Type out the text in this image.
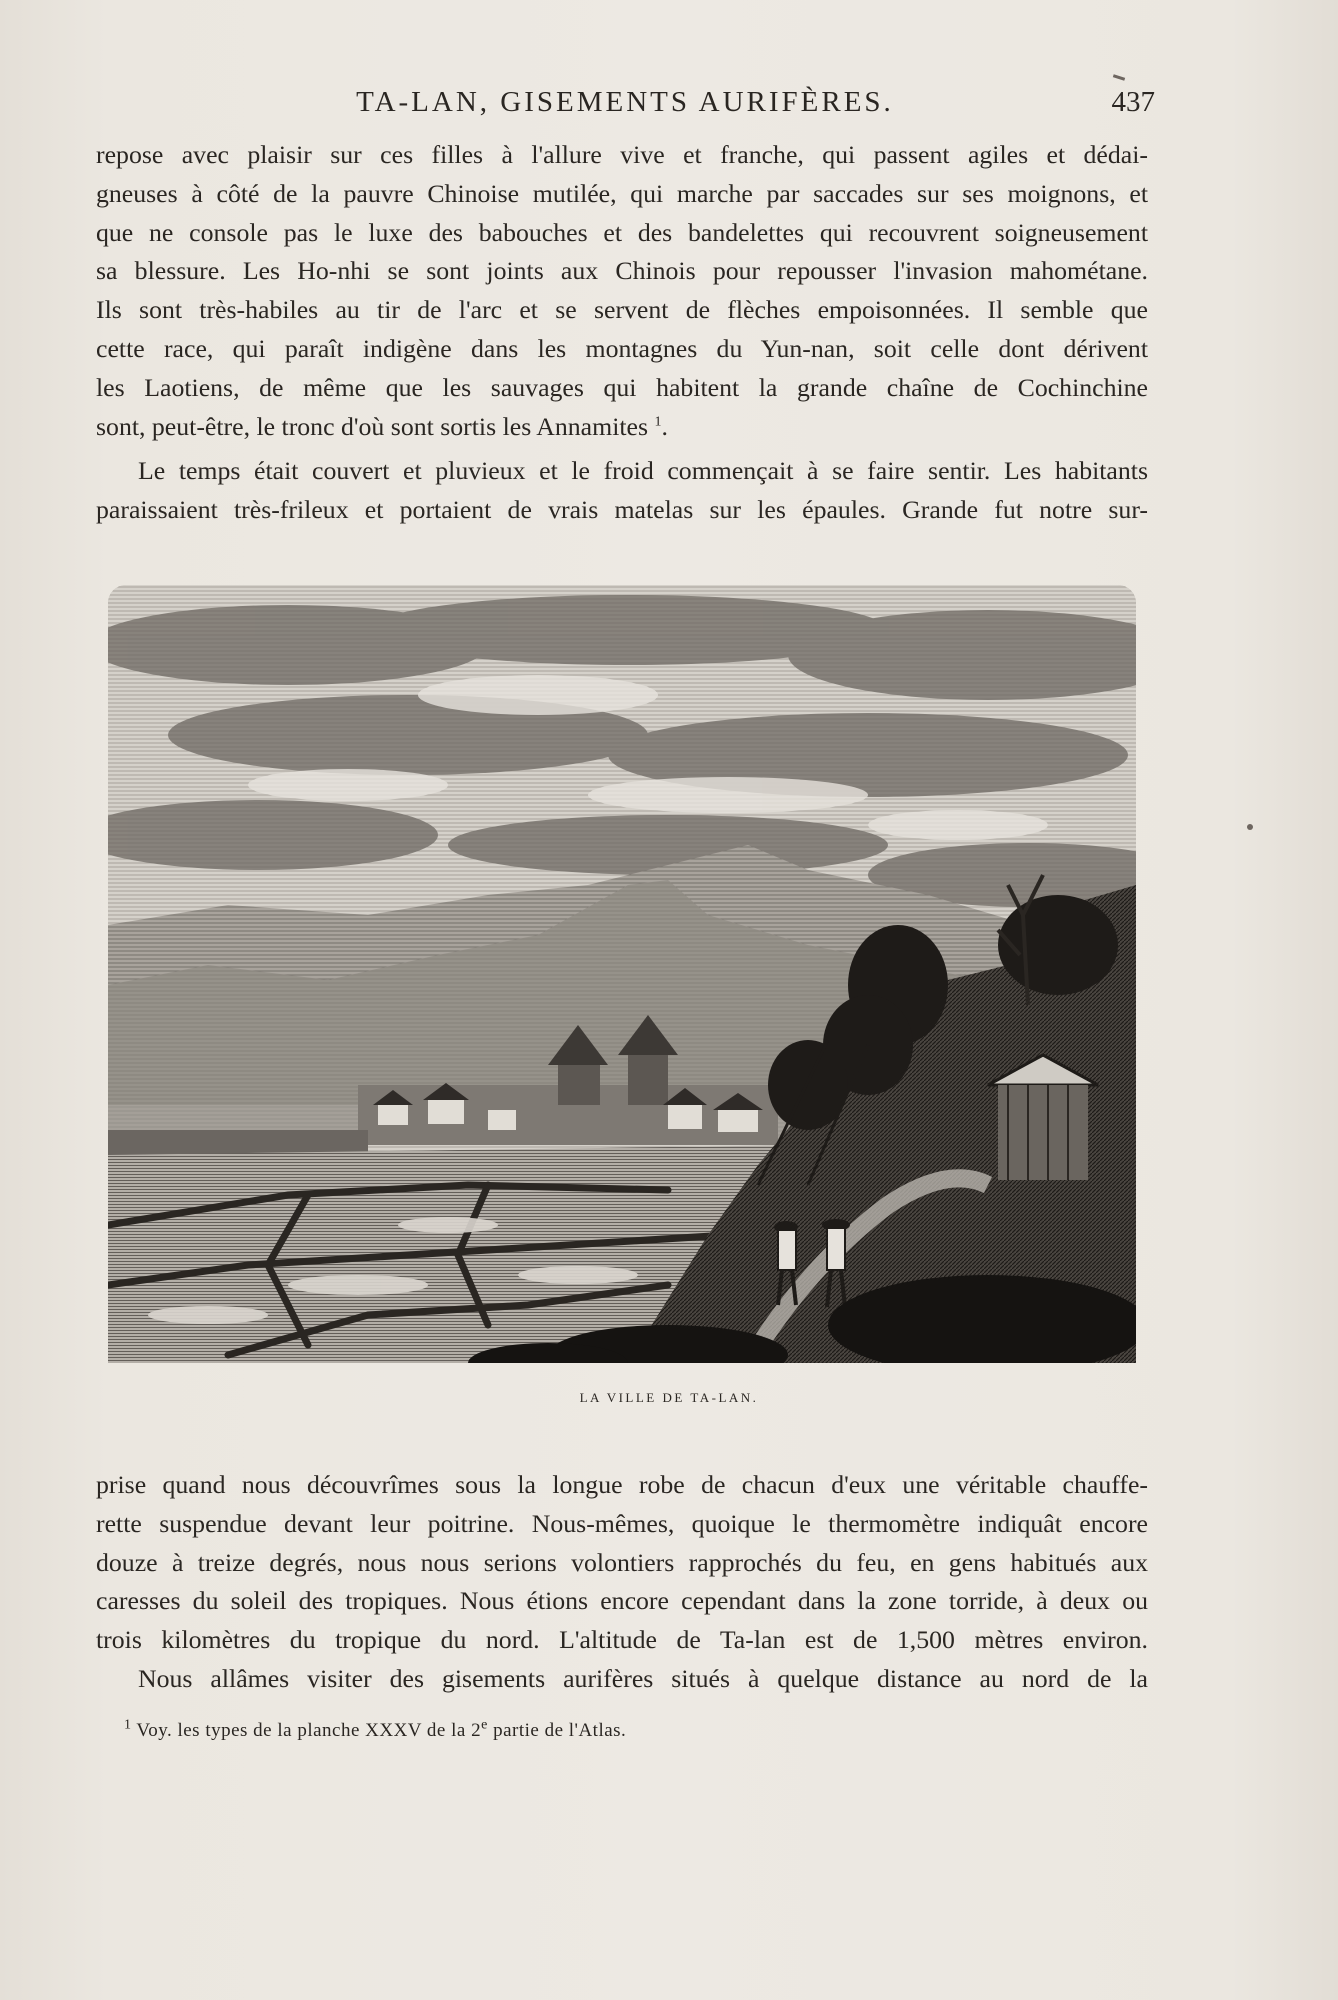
TA-LAN, GISEMENTS AURIFÈRES.	437
repose avec plaisir sur ces filles à l'allure vive et franche, qui passent agiles et dédai-
gneuses à côté de la pauvre Chinoise mutilée, qui marche par saccades sur ses moignons, et
que ne console pas le luxe des babouches et des bandelettes qui recouvrent soigneusement
sa blessure. Les Ho-nhi se sont joints aux Chinois pour repousser l'invasion mahométane.
Ils sont très-habiles au tir de l'arc et se servent de flèches empoisonnées. Il semble que
cette race, qui paraît indigène dans les montagnes du Yun-nan, soit celle dont dérivent
les Laotiens, de même que les sauvages qui habitent la grande chaîne de Cochinchine
sont, peut-être, le tronc d'où sont sortis les Annamites $^1$.
Le temps était couvert et pluvieux et le froid commençait à se faire sentir. Les habitants
paraissaient très-frileux et portaient de vrais matelas sur les épaules. Grande fut notre sur-
LA VILLE DE TA-LAN.
prise quand nous découvrîmes sous la longue robe de chacun d'eux une véritable chauffe-
rette suspendue devant leur poitrine. Nous-mêmes, quoique le thermomètre indiquât encore
douze à treize degrés, nous nous serions volontiers rapprochés du feu, en gens habitués aux
caresses du soleil des tropiques. Nous étions encore cependant dans la zone torride, à deux ou
trois kilomètres du tropique du nord. L'altitude de Ta-lan est de 1,500 mètres environ.
Nous allâmes visiter des gisements aurifères situés à quelque distance au nord de la
$^1$ Voy. les types de la planche XXXV de la 2e partie de l'Atlas.
